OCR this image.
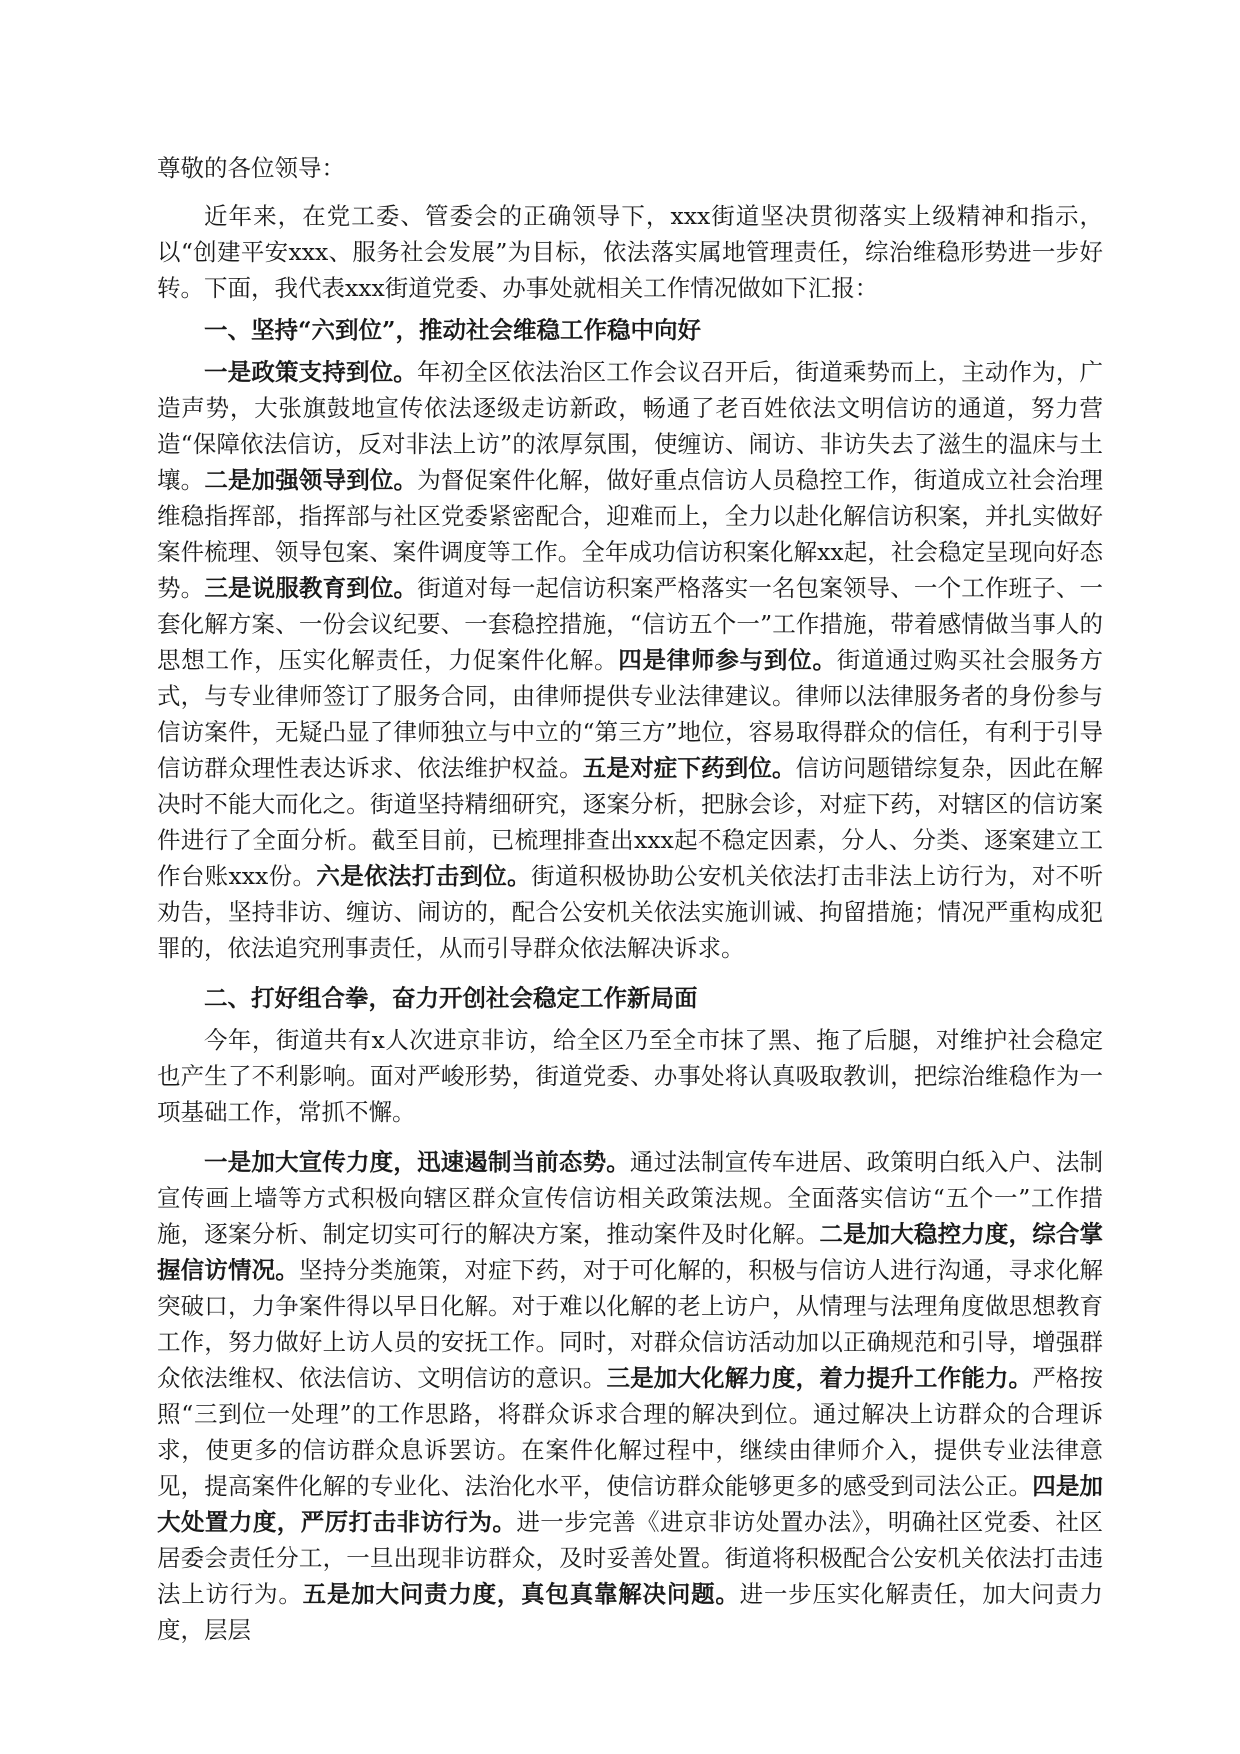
尊敬的各位领导：

近年来，在党工委、管委会的正确领导下，xxx街道坚决贯彻落实上级精神和指示，以“创建平安xxx、服务社会发展”为目标，依法落实属地管理责任，综治维稳形势进一步好转。下面，我代表xxx街道党委、办事处就相关工作情况做如下汇报：

一、坚持“六到位”，推动社会维稳工作稳中向好

一是政策支持到位。年初全区依法治区工作会议召开后，街道乘势而上，主动作为，广造声势，大张旗鼓地宣传依法逐级走访新政，畅通了老百姓依法文明信访的通道，努力营造“保障依法信访，反对非法上访”的浓厚氛围，使缠访、闹访、非访失去了滋生的温床与土壤。二是加强领导到位。为督促案件化解，做好重点信访人员稳控工作，街道成立社会治理维稳指挥部，指挥部与社区党委紧密配合，迎难而上，全力以赴化解信访积案，并扎实做好案件梳理、领导包案、案件调度等工作。全年成功信访积案化解xx起，社会稳定呈现向好态势。三是说服教育到位。街道对每一起信访积案严格落实一名包案领导、一个工作班子、一套化解方案、一份会议纪要、一套稳控措施，“信访五个一”工作措施，带着感情做当事人的思想工作，压实化解责任，力促案件化解。四是律师参与到位。街道通过购买社会服务方式，与专业律师签订了服务合同，由律师提供专业法律建议。律师以法律服务者的身份参与信访案件，无疑凸显了律师独立与中立的“第三方”地位，容易取得群众的信任，有利于引导信访群众理性表达诉求、依法维护权益。五是对症下药到位。信访问题错综复杂，因此在解决时不能大而化之。街道坚持精细研究，逐案分析，把脉会诊，对症下药，对辖区的信访案件进行了全面分析。截至目前，已梳理排查出xxx起不稳定因素，分人、分类、逐案建立工作台账xxx份。六是依法打击到位。街道积极协助公安机关依法打击非法上访行为，对不听劝告，坚持非访、缠访、闹访的，配合公安机关依法实施训诫、拘留措施；情况严重构成犯罪的，依法追究刑事责任，从而引导群众依法解决诉求。

二、打好组合拳，奋力开创社会稳定工作新局面

今年，街道共有x人次进京非访，给全区乃至全市抹了黑、拖了后腿，对维护社会稳定也产生了不利影响。面对严峻形势，街道党委、办事处将认真吸取教训，把综治维稳作为一项基础工作，常抓不懈。

一是加大宣传力度，迅速遏制当前态势。通过法制宣传车进居、政策明白纸入户、法制宣传画上墙等方式积极向辖区群众宣传信访相关政策法规。全面落实信访“五个一”工作措施，逐案分析、制定切实可行的解决方案，推动案件及时化解。二是加大稳控力度，综合掌握信访情况。坚持分类施策，对症下药，对于可化解的，积极与信访人进行沟通，寻求化解突破口，力争案件得以早日化解。对于难以化解的老上访户，从情理与法理角度做思想教育工作，努力做好上访人员的安抚工作。同时，对群众信访活动加以正确规范和引导，增强群众依法维权、依法信访、文明信访的意识。三是加大化解力度，着力提升工作能力。严格按照“三到位一处理”的工作思路，将群众诉求合理的解决到位。通过解决上访群众的合理诉求，使更多的信访群众息诉罢访。在案件化解过程中，继续由律师介入，提供专业法律意见，提高案件化解的专业化、法治化水平，使信访群众能够更多的感受到司法公正。四是加大处置力度，严厉打击非访行为。进一步完善《进京非访处置办法》，明确社区党委、社区居委会责任分工，一旦出现非访群众，及时妥善处置。街道将积极配合公安机关依法打击违法上访行为。五是加大问责力度，真包真靠解决问题。进一步压实化解责任，加大问责力度，层层
